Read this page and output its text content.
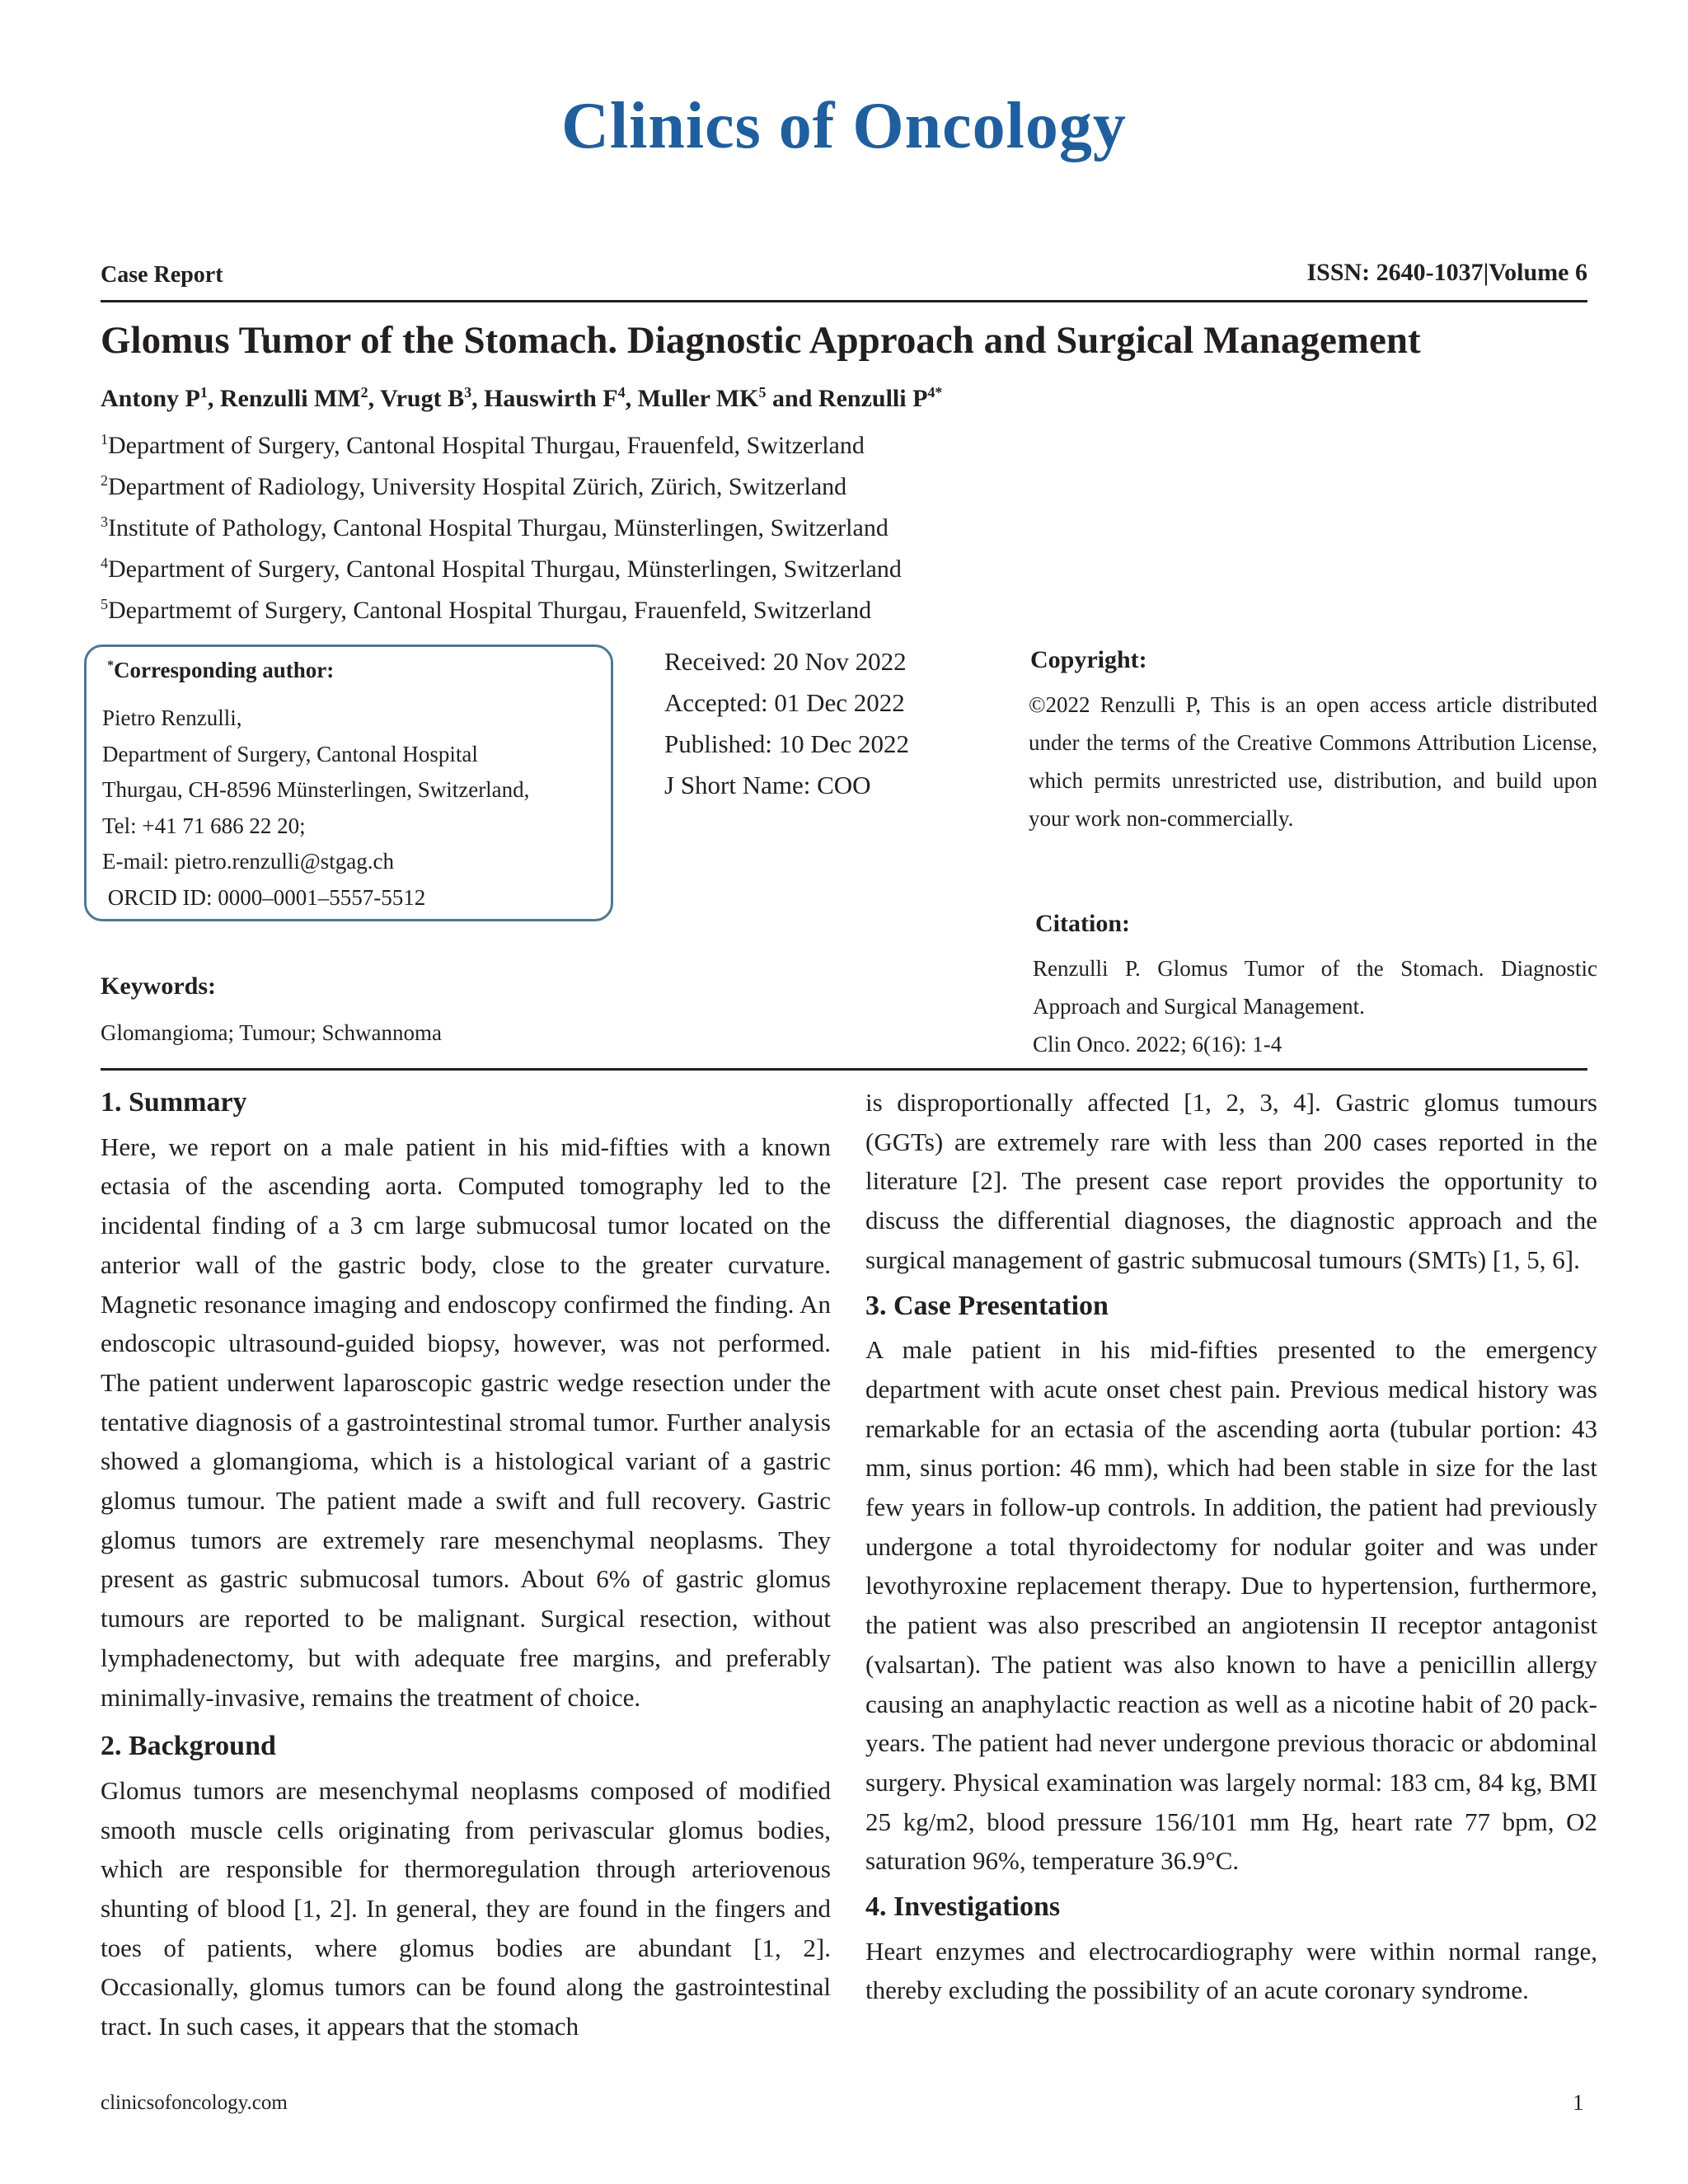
Clinics of Oncology
Case Report	ISSN: 2640-1037|Volume 6
Glomus Tumor of the Stomach. Diagnostic Approach and Surgical Management
Antony $P^1$, Renzulli $MM^2$, Vrugt $B^3$, Hauswirth $F^4$, Muller $MK^5$ and Renzulli $P^{4*}$
$^1$Department of Surgery, Cantonal Hospital Thurgau, Frauenfeld, Switzerland
$^2$Department of Radiology, University Hospital Zürich, Zürich, Switzerland
$^3$Institute of Pathology, Cantonal Hospital Thurgau, Münsterlingen, Switzerland
$^4$Department of Surgery, Cantonal Hospital Thurgau, Münsterlingen, Switzerland
$^5$Departmemt of Surgery, Cantonal Hospital Thurgau, Frauenfeld, Switzerland
*Corresponding author:
Pietro Renzulli,
Department of Surgery, Cantonal Hospital
Thurgau, CH-8596 Münsterlingen, Switzerland,
Tel: +41 71 686 22 20;
E-mail: pietro.renzulli@stgag.ch
ORCID ID: 0000–0001–5557-5512
Received: 20 Nov 2022
Accepted: 01 Dec 2022
Published: 10 Dec 2022
J Short Name: COO
Copyright:
©2022 Renzulli P, This is an open access article distributed under the terms of the Creative Commons Attribution License, which permits unrestricted use, distribution, and build upon your work non-commercially.
Citation:
Renzulli P. Glomus Tumor of the Stomach. Diagnostic Approach and Surgical Management.
Clin Onco. 2022; 6(16): 1-4
Keywords:
Glomangioma; Tumour; Schwannoma
1. Summary
Here, we report on a male patient in his mid-fifties with a known ectasia of the ascending aorta. Computed tomography led to the incidental finding of a 3 cm large submucosal tumor located on the anterior wall of the gastric body, close to the greater curvature. Magnetic resonance imaging and endoscopy confirmed the finding. An endoscopic ultrasound-guided biopsy, however, was not performed. The patient underwent laparoscopic gastric wedge resection under the tentative diagnosis of a gastrointestinal stromal tumor. Further analysis showed a glomangioma, which is a histological variant of a gastric glomus tumour. The patient made a swift and full recovery. Gastric glomus tumors are extremely rare mesenchymal neoplasms. They present as gastric submucosal tumors. About 6% of gastric glomus tumours are reported to be malignant. Surgical resection, without lymphadenectomy, but with adequate free margins, and preferably minimally-invasive, remains the treatment of choice.
2. Background
Glomus tumors are mesenchymal neoplasms composed of modified smooth muscle cells originating from perivascular glomus bodies, which are responsible for thermoregulation through arteriovenous shunting of blood [1, 2]. In general, they are found in the fingers and toes of patients, where glomus bodies are abundant [1, 2]. Occasionally, glomus tumors can be found along the gastrointestinal tract. In such cases, it appears that the stomach
is disproportionally affected [1, 2, 3, 4]. Gastric glomus tumours (GGTs) are extremely rare with less than 200 cases reported in the literature [2]. The present case report provides the opportunity to discuss the differential diagnoses, the diagnostic approach and the surgical management of gastric submucosal tumours (SMTs) [1, 5, 6].
3. Case Presentation
A male patient in his mid-fifties presented to the emergency department with acute onset chest pain. Previous medical history was remarkable for an ectasia of the ascending aorta (tubular portion: 43 mm, sinus portion: 46 mm), which had been stable in size for the last few years in follow-up controls. In addition, the patient had previously undergone a total thyroidectomy for nodular goiter and was under levothyroxine replacement therapy. Due to hypertension, furthermore, the patient was also prescribed an angiotensin II receptor antagonist (valsartan). The patient was also known to have a penicillin allergy causing an anaphylactic reaction as well as a nicotine habit of 20 pack-years. The patient had never undergone previous thoracic or abdominal surgery. Physical examination was largely normal: 183 cm, 84 kg, BMI 25 kg/m2, blood pressure 156/101 mm Hg, heart rate 77 bpm, O2 saturation 96%, temperature 36.9°C.
4. Investigations
Heart enzymes and electrocardiography were within normal range, thereby excluding the possibility of an acute coronary syndrome.
clinicsofoncology.com	1
